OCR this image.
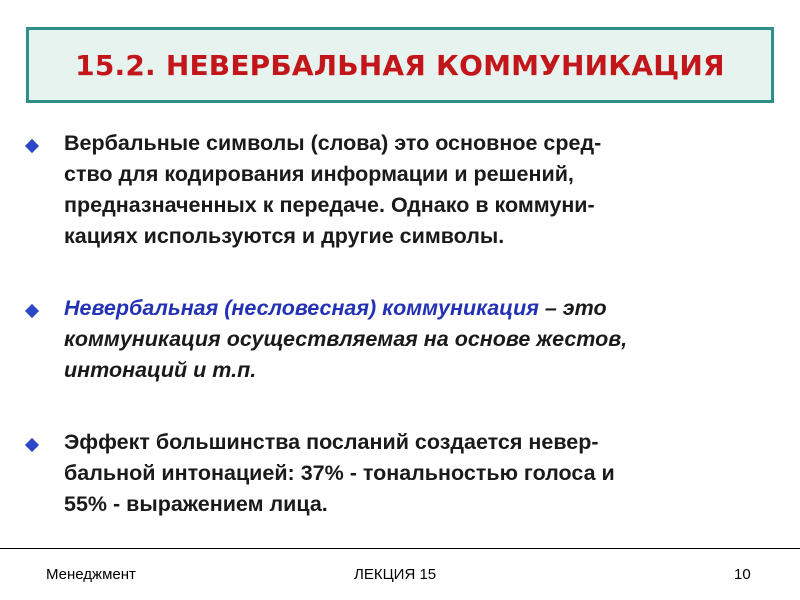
15.2. НЕВЕРБАЛЬНАЯ КОММУНИКАЦИЯ
Вербальные символы (слова) это основное сред-
ство для кодирования информации и решений,
предназначенных к передаче. Однако в коммуни-
кациях используются и другие символы.
Невербальная (несловесная) коммуникация – это
коммуникация осуществляемая на основе жестов,
интонаций и т.п.
Эффект большинства посланий создается невер-
бальной интонацией: 37% - тональностью голоса и
55% - выражением лица.
Менеджмент	ЛЕКЦИЯ 15	10
